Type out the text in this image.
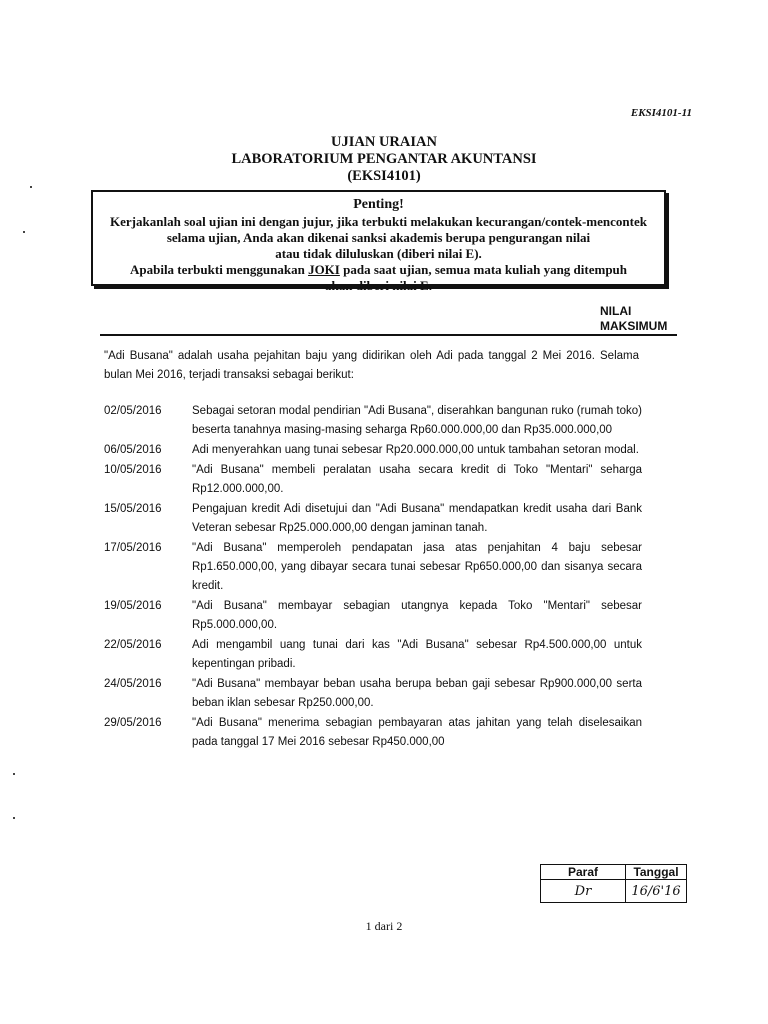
EKSI4101-11
UJIAN URAIAN
LABORATORIUM PENGANTAR AKUNTANSI
(EKSI4101)
Penting!
Kerjakanlah soal ujian ini dengan jujur, jika terbukti melakukan kecurangan/contek-mencontek
selama ujian, Anda akan dikenai sanksi akademis berupa pengurangan nilai
atau tidak diluluskan (diberi nilai E).
Apabila terbukti menggunakan JOKI pada saat ujian, semua mata kuliah yang ditempuh
akan diberi nilai E.
NILAI
MAKSIMUM
"Adi Busana" adalah usaha pejahitan baju yang didirikan oleh Adi pada tanggal 2 Mei 2016. Selama bulan Mei 2016, terjadi transaksi sebagai berikut:
02/05/2016	Sebagai setoran modal pendirian "Adi Busana", diserahkan bangunan ruko (rumah toko) beserta tanahnya masing-masing seharga Rp60.000.000,00 dan Rp35.000.000,00
06/05/2016	Adi menyerahkan uang tunai sebesar Rp20.000.000,00 untuk tambahan setoran modal.
10/05/2016	"Adi Busana" membeli peralatan usaha secara kredit di Toko "Mentari" seharga Rp12.000.000,00.
15/05/2016	Pengajuan kredit Adi disetujui dan "Adi Busana" mendapatkan kredit usaha dari Bank Veteran sebesar Rp25.000.000,00 dengan jaminan tanah.
17/05/2016	"Adi Busana" memperoleh pendapatan jasa atas penjahitan 4 baju sebesar Rp1.650.000,00, yang dibayar secara tunai sebesar Rp650.000,00 dan sisanya secara kredit.
19/05/2016	"Adi Busana" membayar sebagian utangnya kepada Toko "Mentari" sebesar Rp5.000.000,00.
22/05/2016	Adi mengambil uang tunai dari kas "Adi Busana" sebesar Rp4.500.000,00 untuk kepentingan pribadi.
24/05/2016	"Adi Busana" membayar beban usaha berupa beban gaji sebesar Rp900.000,00 serta beban iklan sebesar Rp250.000,00.
29/05/2016	"Adi Busana" menerima sebagian pembayaran atas jahitan yang telah diselesaikan pada tanggal 17 Mei 2016 sebesar Rp450.000,00
Paraf	Tanggal
Dr	16/6'16
1 dari 2
